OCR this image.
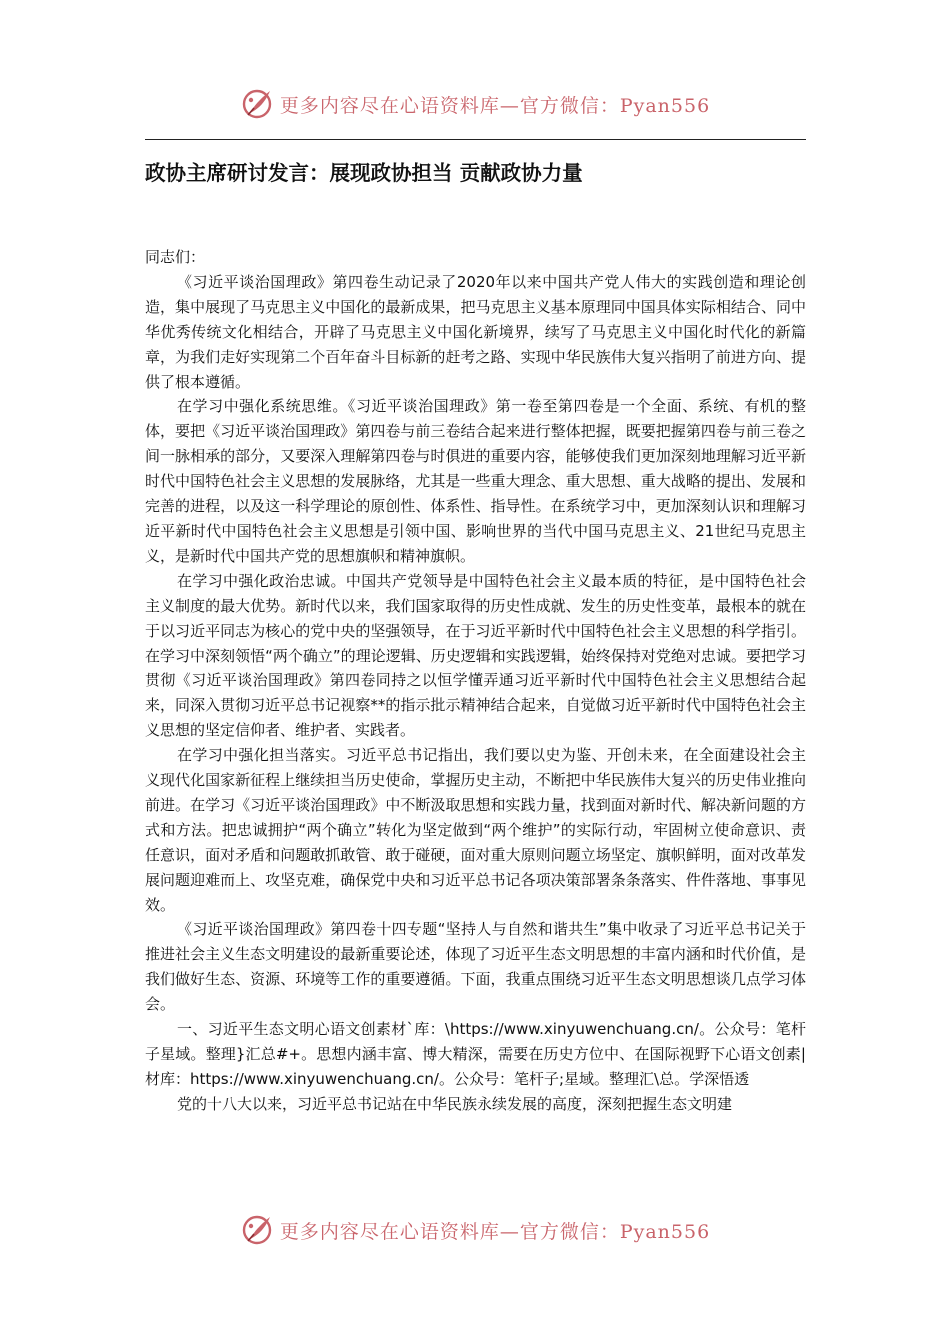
更多内容尽在心语资料库—官方微信：Pyan556
政协主席研讨发言：展现政协担当 贡献政协力量

同志们：

《习近平谈治国理政》第四卷生动记录了2020年以来中国共产党人伟大的实践创造和理论创造，集中展现了马克思主义中国化的最新成果，把马克思主义基本原理同中国具体实际相结合、同中华优秀传统文化相结合，开辟了马克思主义中国化新境界，续写了马克思主义中国化时代化的新篇章，为我们走好实现第二个百年奋斗目标新的赶考之路、实现中华民族伟大复兴指明了前进方向、提供了根本遵循。

在学习中强化系统思维。《习近平谈治国理政》第一卷至第四卷是一个全面、系统、有机的整体，要把《习近平谈治国理政》第四卷与前三卷结合起来进行整体把握，既要把握第四卷与前三卷之间一脉相承的部分，又要深入理解第四卷与时俱进的重要内容，能够使我们更加深刻地理解习近平新时代中国特色社会主义思想的发展脉络，尤其是一些重大理念、重大思想、重大战略的提出、发展和完善的进程，以及这一科学理论的原创性、体系性、指导性。在系统学习中，更加深刻认识和理解习近平新时代中国特色社会主义思想是引领中国、影响世界的当代中国马克思主义、21世纪马克思主义，是新时代中国共产党的思想旗帜和精神旗帜。

在学习中强化政治忠诚。中国共产党领导是中国特色社会主义最本质的特征，是中国特色社会主义制度的最大优势。新时代以来，我们国家取得的历史性成就、发生的历史性变革，最根本的就在于以习近平同志为核心的党中央的坚强领导，在于习近平新时代中国特色社会主义思想的科学指引。在学习中深刻领悟“两个确立”的理论逻辑、历史逻辑和实践逻辑，始终保持对党绝对忠诚。要把学习贯彻《习近平谈治国理政》第四卷同持之以恒学懂弄通习近平新时代中国特色社会主义思想结合起来，同深入贯彻习近平总书记视察**的指示批示精神结合起来，自觉做习近平新时代中国特色社会主义思想的坚定信仰者、维护者、实践者。

在学习中强化担当落实。习近平总书记指出，我们要以史为鉴、开创未来，在全面建设社会主义现代化国家新征程上继续担当历史使命，掌握历史主动，不断把中华民族伟大复兴的历史伟业推向前进。在学习《习近平谈治国理政》中不断汲取思想和实践力量，找到面对新时代、解决新问题的方式和方法。把忠诚拥护“两个确立”转化为坚定做到“两个维护”的实际行动，牢固树立使命意识、责任意识，面对矛盾和问题敢抓敢管、敢于碰硬，面对重大原则问题立场坚定、旗帜鲜明，面对改革发展问题迎难而上、攻坚克难，确保党中央和习近平总书记各项决策部署条条落实、件件落地、事事见效。

《习近平谈治国理政》第四卷十四专题“坚持人与自然和谐共生”集中收录了习近平总书记关于推进社会主义生态文明建设的最新重要论述，体现了习近平生态文明思想的丰富内涵和时代价值，是我们做好生态、资源、环境等工作的重要遵循。下面，我重点围绕习近平生态文明思想谈几点学习体会。

一、习近平生态文明心语文创素材`库：\https://www.xinyuwenchuang.cn/。公众号：笔杆子星域。整理}汇总#+。思想内涵丰富、博大精深，需要在历史方位中、在国际视野下心语文创素|材库：https://www.xinyuwenchuang.cn/。公众号：笔杆子;星域。整理汇\总。学深悟透

党的十八大以来，习近平总书记站在中华民族永续发展的高度，深刻把握生态文明建

更多内容尽在心语资料库—官方微信：Pyan556
